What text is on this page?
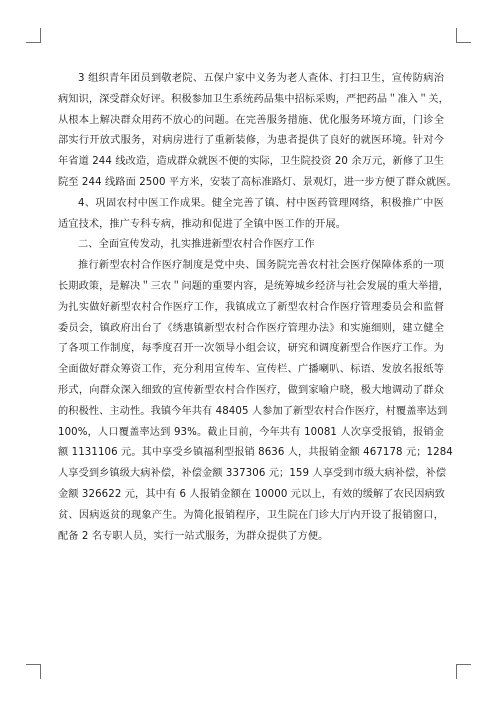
3 组织青年团员到敬老院、五保户家中义务为老人查体、打扫卫生，宣传防病治
病知识，深受群众好评。积极参加卫生系统药品集中招标采购，严把药品＂准入＂关，
从根本上解决群众用药不放心的问题。在完善服务措施、优化服务环境方面，门诊全
部实行开放式服务，对病房进行了重新装修，为患者提供了良好的就医环境。针对今
年省道 244 线改造，造成群众就医不便的实际，卫生院投资 20 余万元，新修了卫生
院至 244 线路面 2500 平方米，安装了高标准路灯、景观灯，进一步方便了群众就医。
4、巩固农村中医工作成果。健全完善了镇、村中医药管理网络，积极推广中医
适宜技术，推广专科专病，推动和促进了全镇中医工作的开展。
二、全面宣传发动，扎实推进新型农村合作医疗工作
推行新型农村合作医疗制度是党中央、国务院完善农村社会医疗保障体系的一项
长期政策，是解决＂三农＂问题的重要内容，是统筹城乡经济与社会发展的重大举措，
为扎实做好新型农村合作医疗工作，我镇成立了新型农村合作医疗管理委员会和监督
委员会，镇政府出台了《绣惠镇新型农村合作医疗管理办法》和实施细则，建立健全
了各项工作制度，每季度召开一次领导小组会议，研究和调度新型合作医疗工作。为
全面做好群众筹资工作，充分利用宣传车、宣传栏、广播喇叭、标语、发放名报纸等
形式，向群众深入细致的宣传新型农村合作医疗，做到家喻户晓，极大地调动了群众
的积极性、主动性。我镇今年共有 48405 人参加了新型农村合作医疗，村覆盖率达到
100%，人口覆盖率达到 93%。截止目前，今年共有 10081 人次享受报销，报销金
额 1131106 元。其中享受乡镇福利型报销 8636 人，共报销金额 467178 元；1284
人享受到乡镇级大病补偿，补偿金额 337306 元；159 人享受到市级大病补偿，补偿
金额 326622 元，其中有 6 人报销金额在 10000 元以上，有效的缓解了农民因病致
贫、因病返贫的现象产生。为简化报销程序，卫生院在门诊大厅内开设了报销窗口，
配备 2 名专职人员，实行一站式服务，为群众提供了方便。
